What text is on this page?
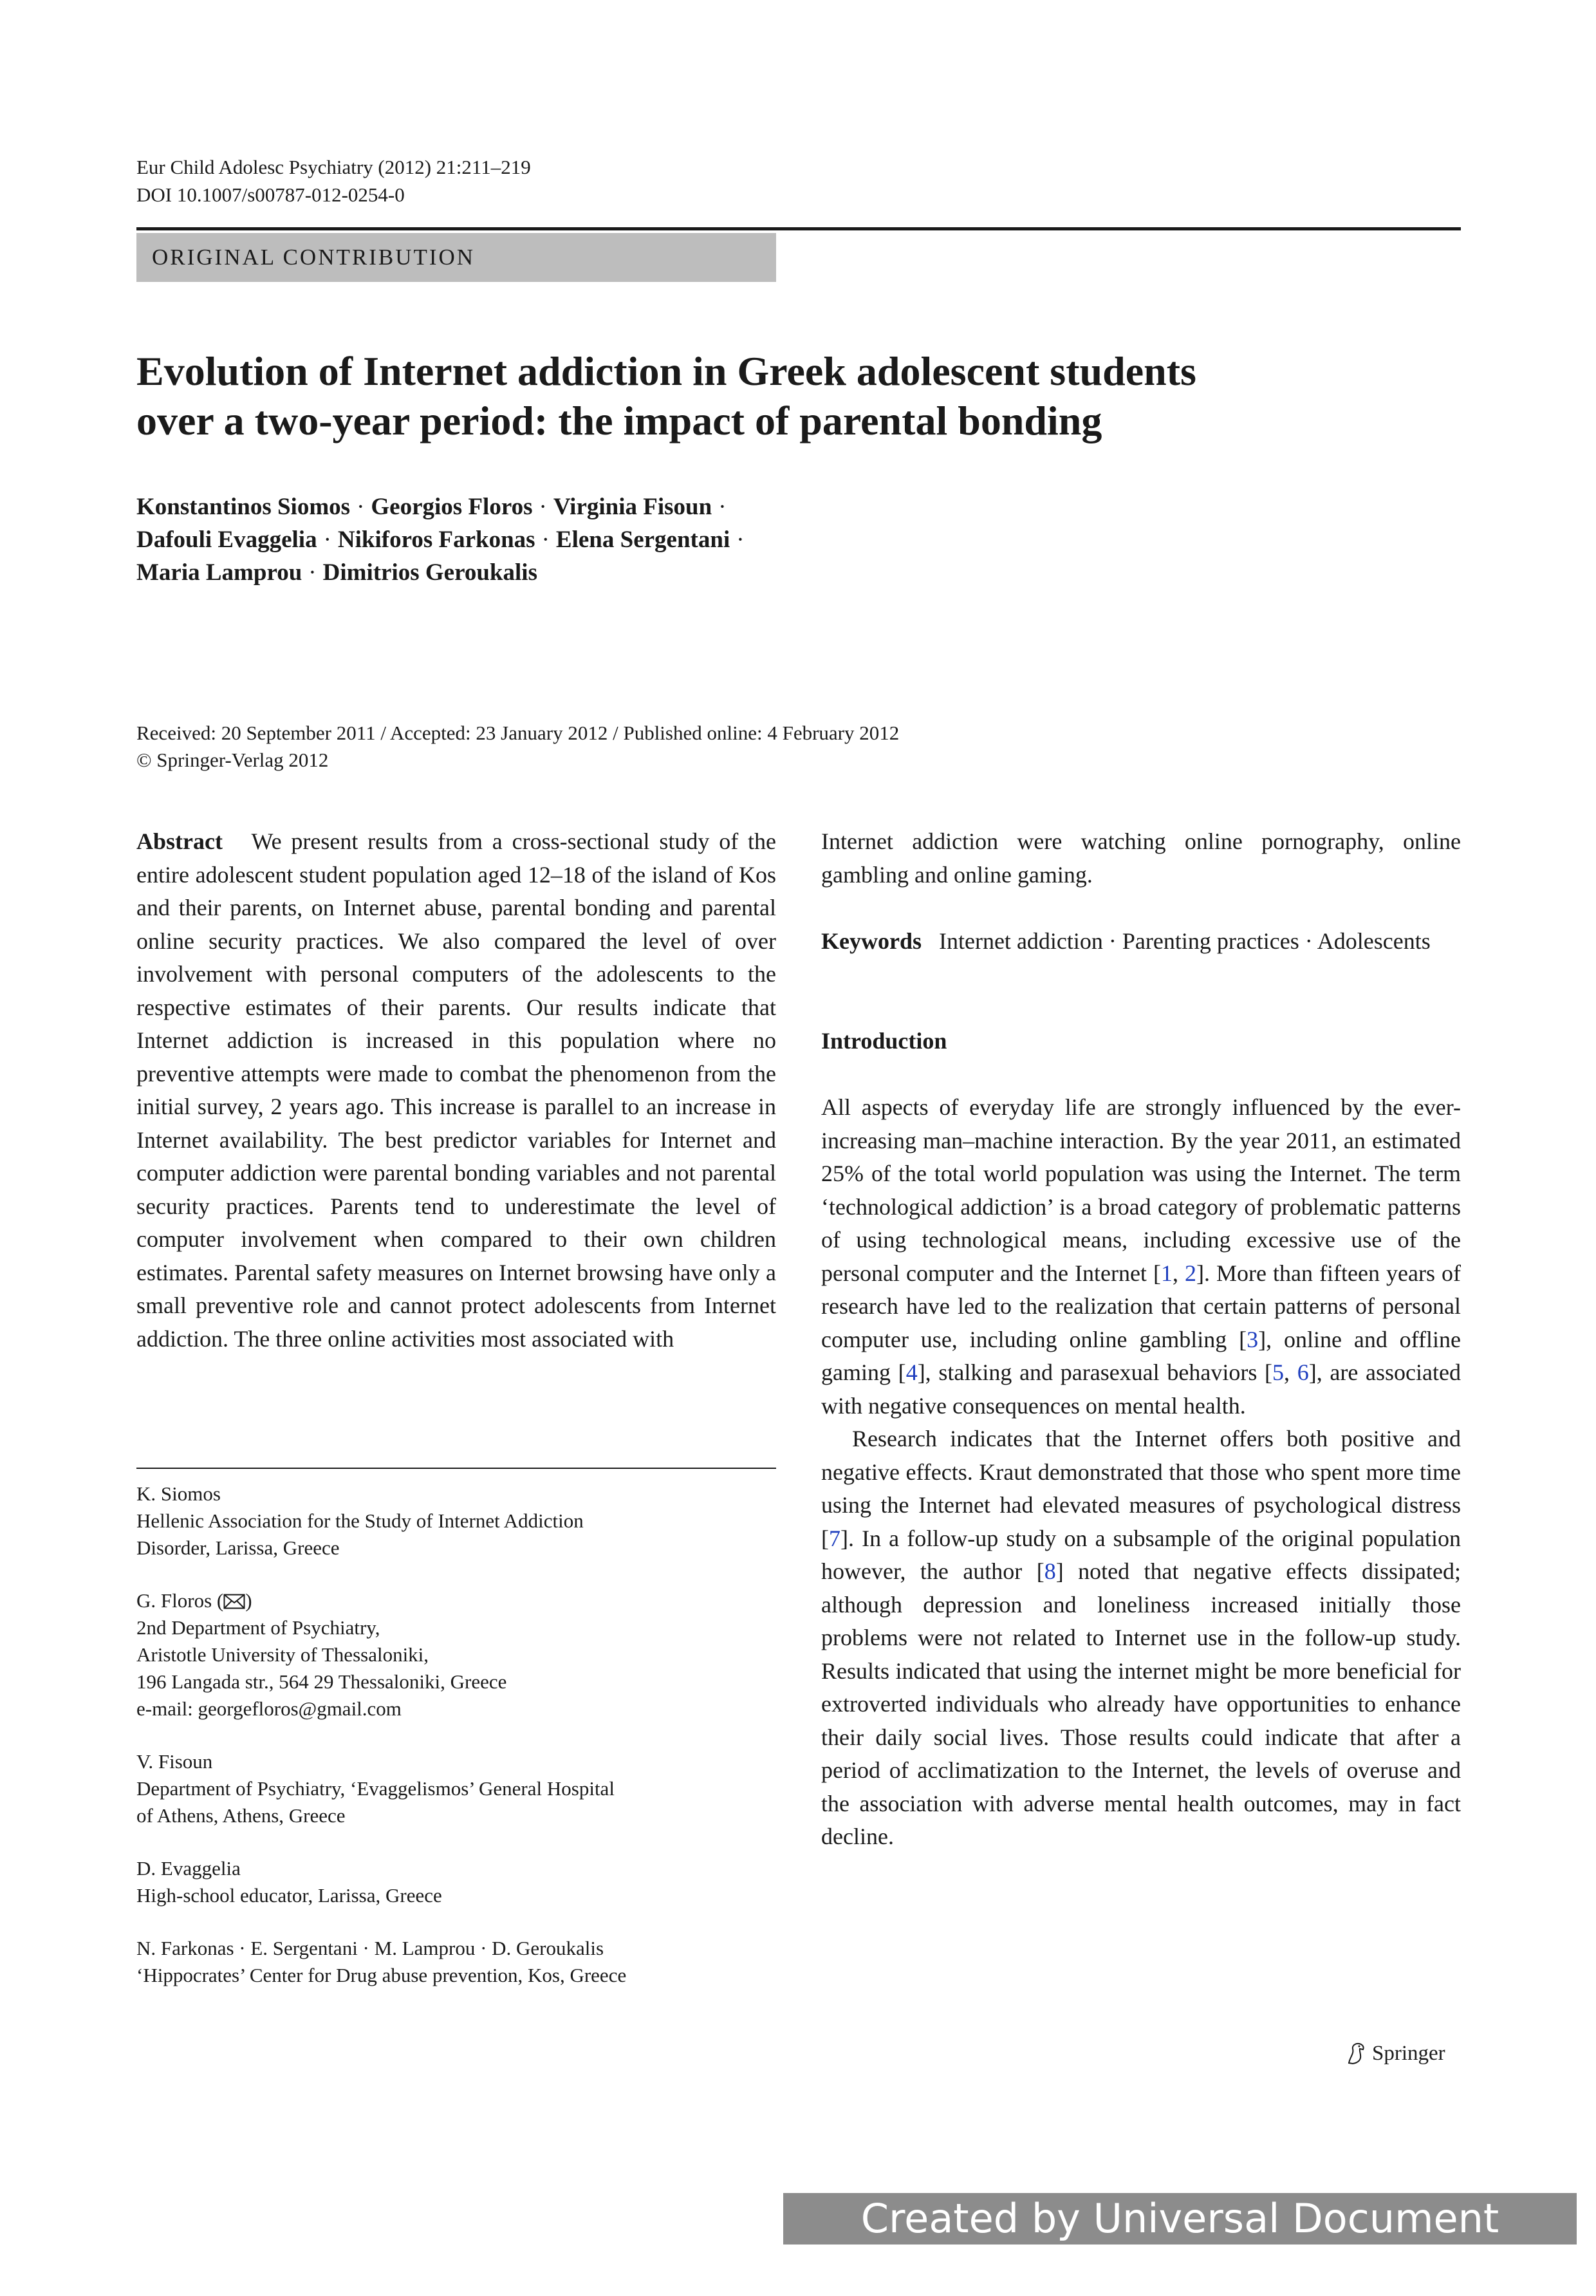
Eur Child Adolesc Psychiatry (2012) 21:211–219
DOI 10.1007/s00787-012-0254-0
ORIGINAL CONTRIBUTION
Evolution of Internet addiction in Greek adolescent students
over a two-year period: the impact of parental bonding
Konstantinos Siomos · Georgios Floros · Virginia Fisoun ·
Dafouli Evaggelia · Nikiforos Farkonas · Elena Sergentani ·
Maria Lamprou · Dimitrios Geroukalis
Received: 20 September 2011 / Accepted: 23 January 2012 / Published online: 4 February 2012
© Springer-Verlag 2012

Abstract We present results from a cross-sectional study of the entire adolescent student population aged 12–18 of the island of Kos and their parents, on Internet abuse, parental bonding and parental online security practices. We also compared the level of over involvement with personal computers of the adolescents to the respective estimates of their parents. Our results indicate that Internet addiction is increased in this population where no preventive attempts were made to combat the phenomenon from the initial survey, 2 years ago. This increase is parallel to an increase in Internet availability. The best predictor variables for Internet and computer addiction were parental bonding variables and not parental security practices. Parents tend to underestimate the level of computer involvement when compared to their own children estimates. Parental safety measures on Internet browsing have only a small preventive role and cannot protect adolescents from Internet addiction. The three online activities most associated with

K. Siomos
Hellenic Association for the Study of Internet Addiction
Disorder, Larissa, Greece
G. Floros ( )
2nd Department of Psychiatry,
Aristotle University of Thessaloniki,
196 Langada str., 564 29 Thessaloniki, Greece
e-mail: georgefloros@gmail.com
V. Fisoun
Department of Psychiatry, ‘Evaggelismos’ General Hospital
of Athens, Athens, Greece
D. Evaggelia
High-school educator, Larissa, Greece
N. Farkonas · E. Sergentani · M. Lamprou · D. Geroukalis
‘Hippocrates’ Center for Drug abuse prevention, Kos, Greece

Internet addiction were watching online pornography, online gambling and online gaming.

Keywords Internet addiction · Parenting practices · Adolescents

Introduction

All aspects of everyday life are strongly influenced by the ever-increasing man–machine interaction. By the year 2011, an estimated 25% of the total world population was using the Internet. The term ‘technological addiction’ is a broad category of problematic patterns of using technological means, including excessive use of the personal computer and the Internet [1, 2]. More than fifteen years of research have led to the realization that certain patterns of personal computer use, including online gambling [3], online and offline gaming [4], stalking and parasexual behaviors [5, 6], are associated with negative consequences on mental health.

Research indicates that the Internet offers both positive and negative effects. Kraut demonstrated that those who spent more time using the Internet had elevated measures of psychological distress [7]. In a follow-up study on a subsample of the original population however, the author [8] noted that negative effects dissipated; although depression and loneliness increased initially those problems were not related to Internet use in the follow-up study. Results indicated that using the internet might be more beneficial for extroverted individuals who already have opportunities to enhance their daily social lives. Those results could indicate that after a period of acclimatization to the Internet, the levels of overuse and the association with adverse mental health outcomes, may in fact decline.

Springer
Created by Universal Document Converter
